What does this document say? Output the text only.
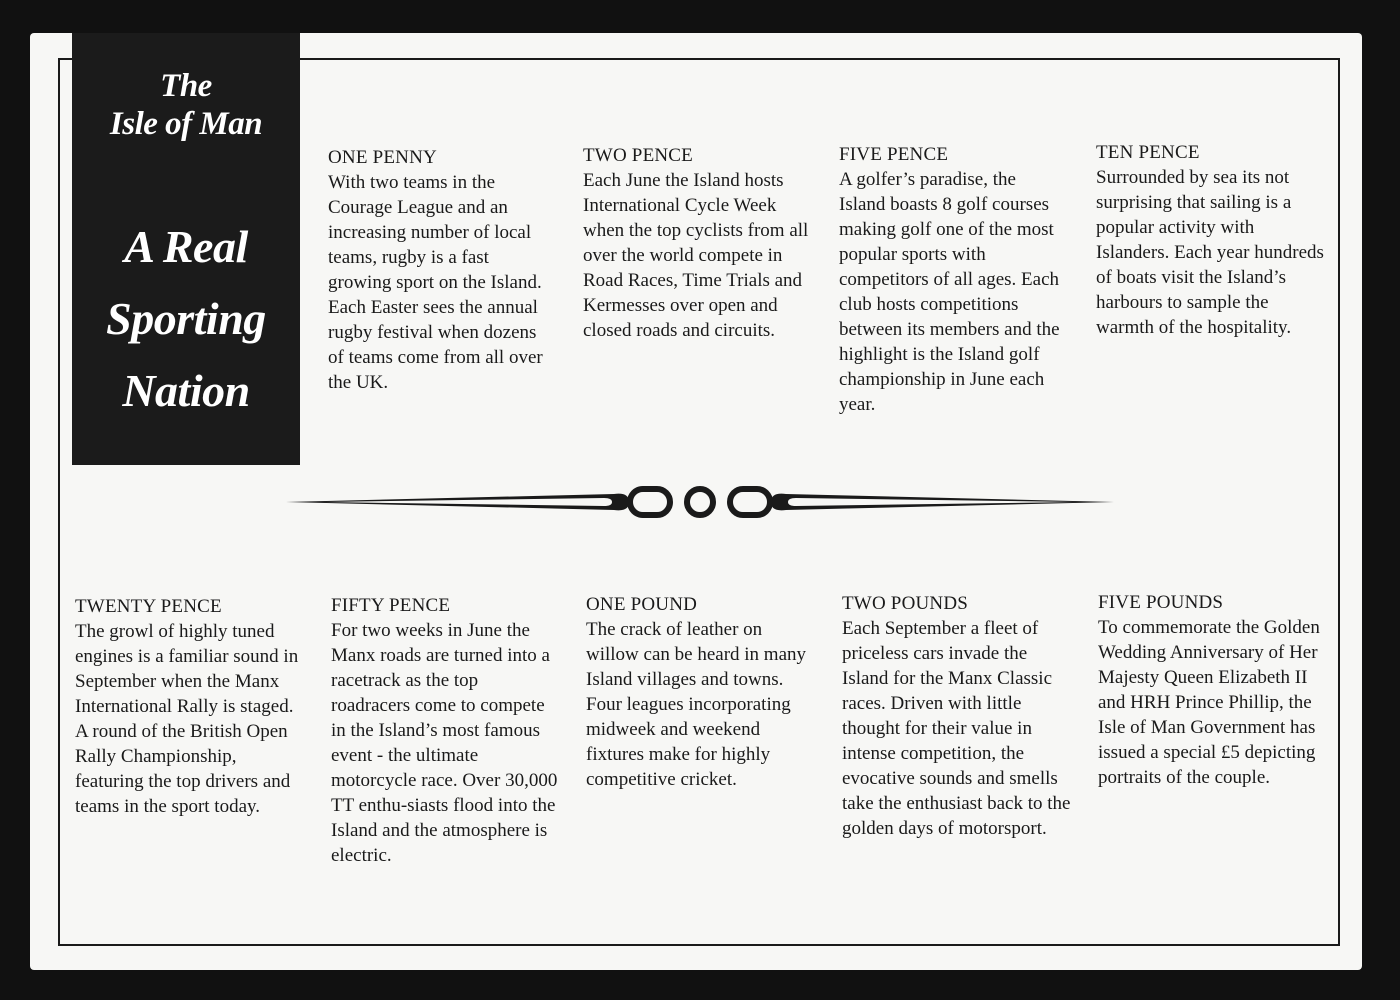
The
Isle of Man
A Real
Sporting
Nation
ONE PENNY
With two teams in the Courage League and an increasing number of local teams, rugby is a fast growing sport on the Island. Each Easter sees the annual rugby festival when dozens of teams come from all over the UK.
TWO PENCE
Each June the Island hosts International Cycle Week when the top cyclists from all over the world compete in Road Races, Time Trials and Kermesses over open and closed roads and circuits.
FIVE PENCE
A golfer’s paradise, the Island boasts 8 golf courses making golf one of the most popular sports with competitors of all ages. Each club hosts competitions between its members and the highlight is the Island golf championship in June each year.
TEN PENCE
Surrounded by sea its not surprising that sailing is a popular activity with Islanders. Each year hundreds of boats visit the Island’s harbours to sample the warmth of the hospitality.
TWENTY PENCE
The growl of highly tuned engines is a familiar sound in September when the Manx International Rally is staged. A round of the British Open Rally Championship, featuring the top drivers and teams in the sport today.
FIFTY PENCE
For two weeks in June the Manx roads are turned into a racetrack as the top roadracers come to compete in the Island’s most famous event - the ultimate motorcycle race. Over 30,000 TT enthu-siasts flood into the Island and the atmosphere is electric.
ONE POUND
The crack of leather on willow can be heard in many Island villages and towns. Four leagues incorporating midweek and weekend fixtures make for highly competitive cricket.
TWO POUNDS
Each September a fleet of priceless cars invade the Island for the Manx Classic races. Driven with little thought for their value in intense competition, the evocative sounds and smells take the enthusiast back to the golden days of motorsport.
FIVE POUNDS
To commemorate the Golden Wedding Anniversary of Her Majesty Queen Elizabeth II and HRH Prince Phillip, the Isle of Man Government has issued a special £5 depicting portraits of the couple.
